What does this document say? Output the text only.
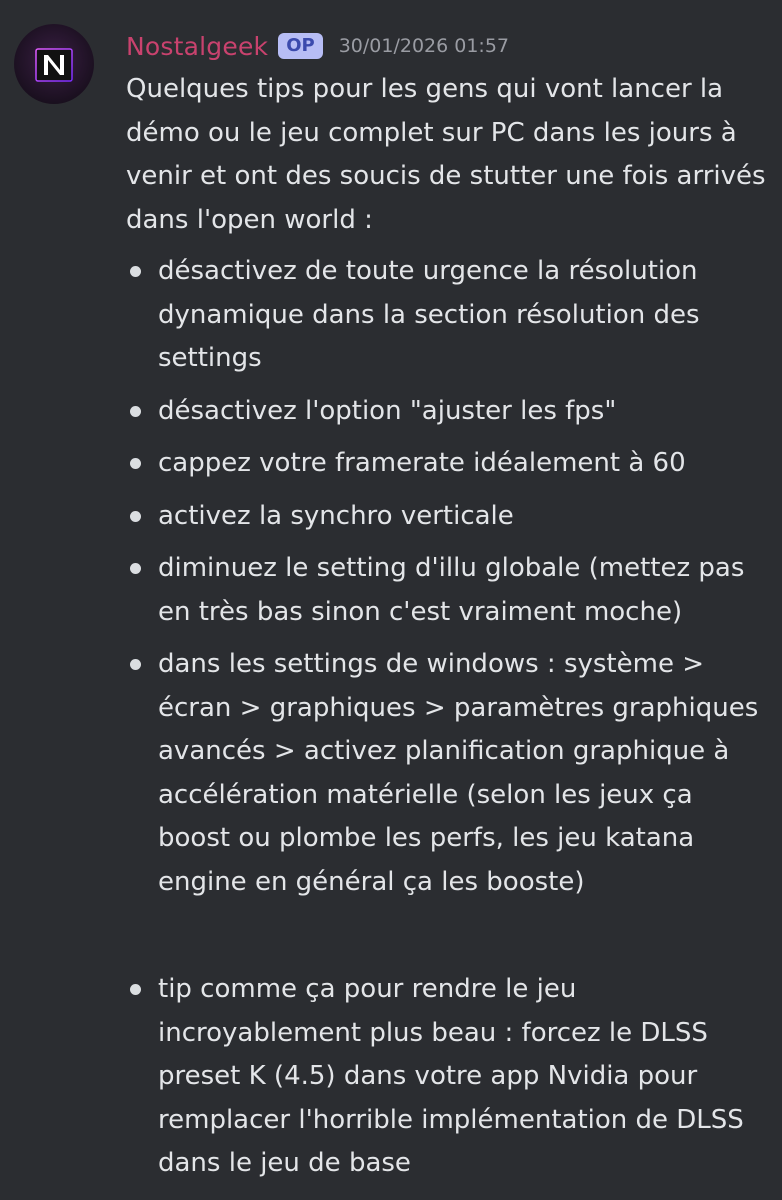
Nostalgeek	OP	30/01/2026 01:57

Quelques tips pour les gens qui vont lancer la démo ou le jeu complet sur PC dans les jours à venir et ont des soucis de stutter une fois arrivés dans l'open world :

désactivez de toute urgence la résolution dynamique dans la section résolution des settings
désactivez l'option "ajuster les fps"
cappez votre framerate idéalement à 60
activez la synchro verticale
diminuez le setting d'illu globale (mettez pas en très bas sinon c'est vraiment moche)
dans les settings de windows : système > écran > graphiques > paramètres graphiques avancés > activez planification graphique à accélération matérielle (selon les jeux ça boost ou plombe les perfs, les jeu katana engine en général ça les booste)
tip comme ça pour rendre le jeu incroyablement plus beau : forcez le DLSS preset K (4.5) dans votre app Nvidia pour remplacer l'horrible implémentation de DLSS dans le jeu de base
